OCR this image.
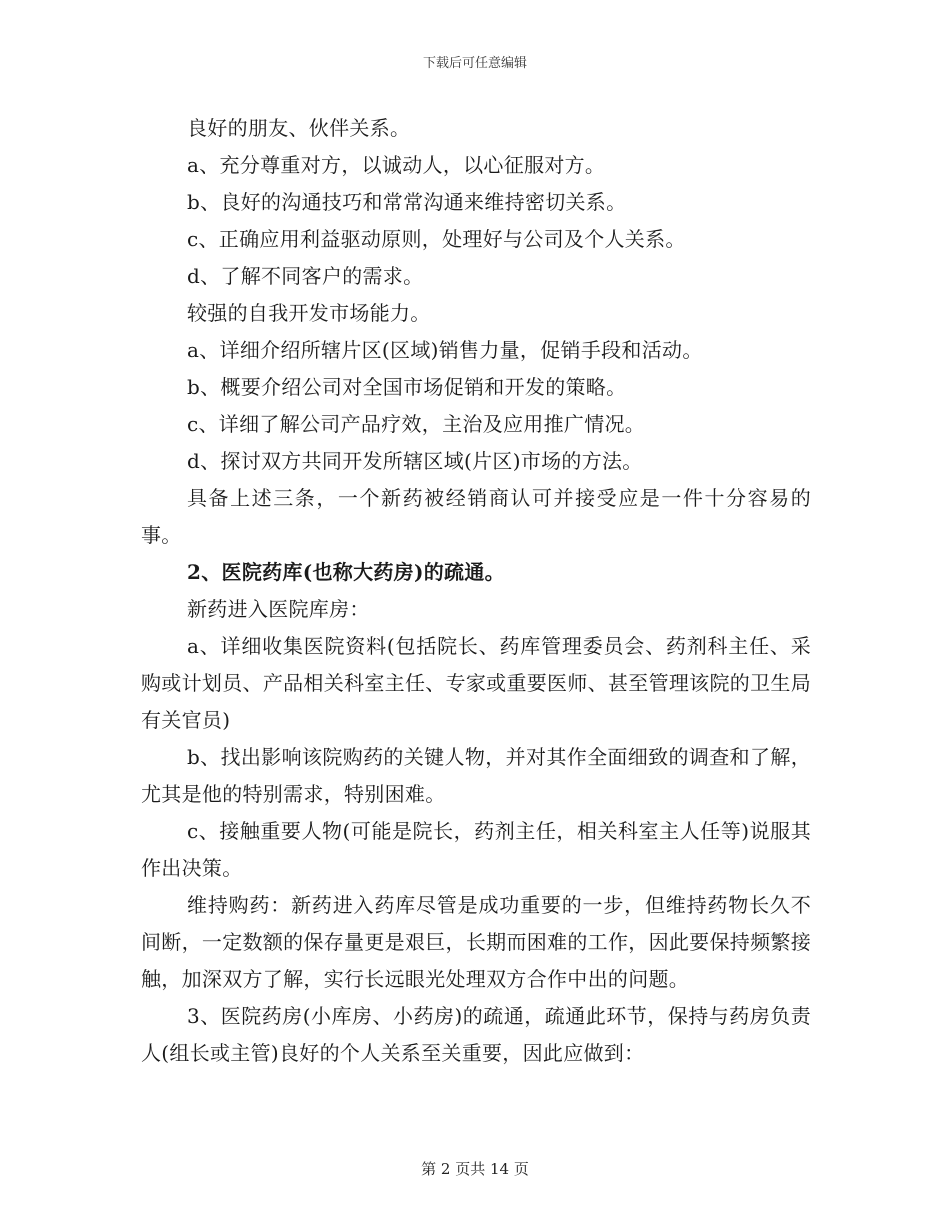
下载后可任意编辑

良好的朋友、伙伴关系。

a、充分尊重对方，以诚动人，以心征服对方。

b、良好的沟通技巧和常常沟通来维持密切关系。

c、正确应用利益驱动原则，处理好与公司及个人关系。

d、了解不同客户的需求。

较强的自我开发市场能力。

a、详细介绍所辖片区(区域)销售力量，促销手段和活动。

b、概要介绍公司对全国市场促销和开发的策略。

c、详细了解公司产品疗效，主治及应用推广情况。

d、探讨双方共同开发所辖区域(片区)市场的方法。

具备上述三条，一个新药被经销商认可并接受应是一件十分容易的事。

2、医院药库(也称大药房)的疏通。

新药进入医院库房：

a、详细收集医院资料(包括院长、药库管理委员会、药剂科主任、采购或计划员、产品相关科室主任、专家或重要医师、甚至管理该院的卫生局有关官员)

b、找出影响该院购药的关键人物，并对其作全面细致的调查和了解，尤其是他的特别需求，特别困难。

c、接触重要人物(可能是院长，药剂主任，相关科室主人任等)说服其作出决策。

维持购药：新药进入药库尽管是成功重要的一步，但维持药物长久不间断，一定数额的保存量更是艰巨，长期而困难的工作，因此要保持频繁接触，加深双方了解，实行长远眼光处理双方合作中出的问题。

3、医院药房(小库房、小药房)的疏通，疏通此环节，保持与药房负责人(组长或主管)良好的个人关系至关重要，因此应做到：

第 2 页共 14 页
